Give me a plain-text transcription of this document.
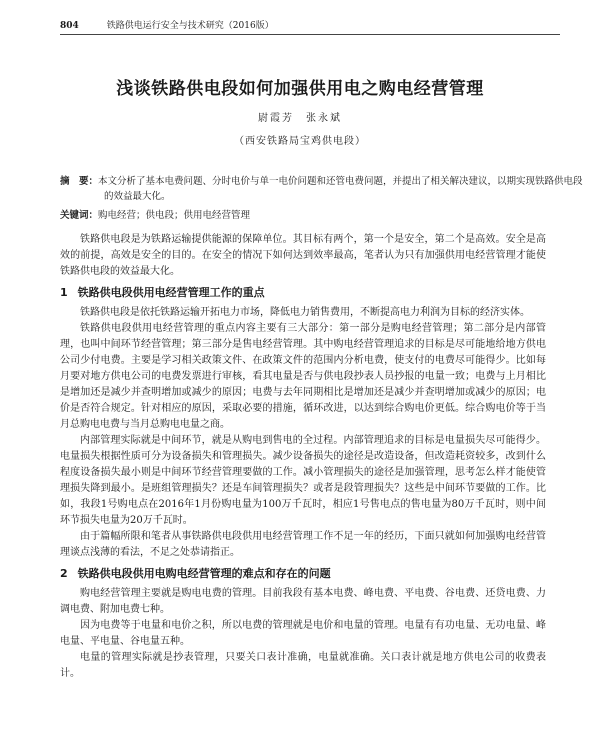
804	铁路供电运行安全与技术研究（2016版）
浅谈铁路供电段如何加强供用电之购电经营管理
尉霞芳　张永斌
（西安铁路局宝鸡供电段）
摘　要：本文分析了基本电费问题、分时电价与单一电价问题和还管电费问题，并提出了相关解决建议，以期实现铁路供电段的效益最大化。
关键词：购电经营；供电段；供用电经营管理

铁路供电段是为铁路运输提供能源的保障单位。其目标有两个，第一个是安全，第二个是高效。安全是高效的前提，高效是安全的目的。在安全的情况下如何达到效率最高，笔者认为只有加强供用电经营管理才能使铁路供电段的效益最大化。

1 铁路供电段供用电经营管理工作的重点

铁路供电段是依托铁路运输开拓电力市场，降低电力销售费用，不断提高电力利润为目标的经济实体。

铁路供电段供用电经营管理的重点内容主要有三大部分：第一部分是购电经营管理；第二部分是内部管理，也叫中间环节经营管理；第三部分是售电经营管理。其中购电经营管理追求的目标是尽可能地给地方供电公司少付电费。主要是学习相关政策文件、在政策文件的范围内分析电费，使支付的电费尽可能得少。比如每月要对地方供电公司的电费发票进行审核，看其电量是否与供电段抄表人员抄报的电量一致；电费与上月相比是增加还是减少并查明增加或减少的原因；电费与去年同期相比是增加还是减少并查明增加或减少的原因；电价是否符合规定。针对相应的原因，采取必要的措施，循环改进，以达到综合购电价更低。综合购电价等于当月总购电电费与当月总购电电量之商。

内部管理实际就是中间环节，就是从购电到售电的全过程。内部管理追求的目标是电量损失尽可能得少。电量损失根据性质可分为设备损失和管理损失。减少设备损失的途径是改造设备，但改造耗资较多，改到什么程度设备损失最小则是中间环节经营管理要做的工作。减小管理损失的途径是加强管理，思考怎么样才能使管理损失降到最小。是班组管理损失？还是车间管理损失？或者是段管理损失？这些是中间环节要做的工作。比如，我段1号购电点在2016年1月份购电量为100万千瓦时，相应1号售电点的售电量为80万千瓦时，则中间环节损失电量为20万千瓦时。

由于篇幅所限和笔者从事铁路供电段供用电经营管理工作不足一年的经历，下面只就如何加强购电经营管理谈点浅薄的看法，不足之处恭请指正。

2 铁路供电段供用电购电经营管理的难点和存在的问题

购电经营管理主要就是购电电费的管理。目前我段有基本电费、峰电费、平电费、谷电费、还贷电费、力调电费、附加电费七种。

因为电费等于电量和电价之积，所以电费的管理就是电价和电量的管理。电量有有功电量、无功电量、峰电量、平电量、谷电量五种。

电量的管理实际就是抄表管理，只要关口表计准确，电量就准确。关口表计就是地方供电公司的收费表计。
